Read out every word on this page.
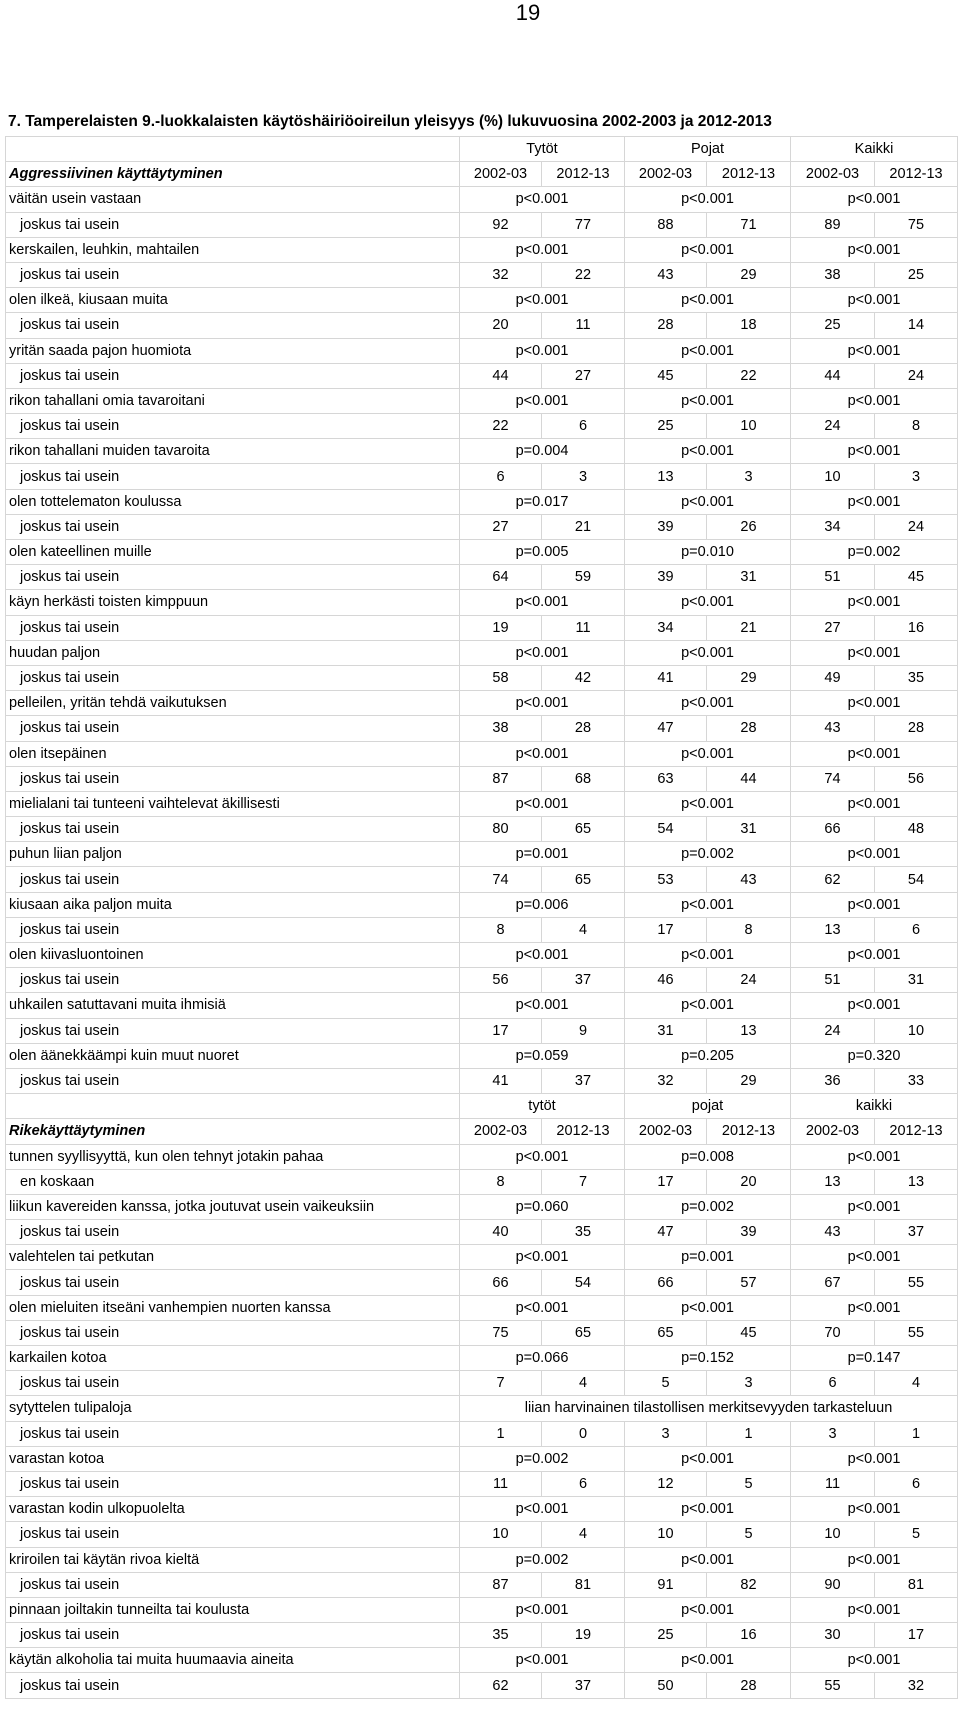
19
7. Tamperelaisten 9.-luokkalaisten käytöshäiriöoireilun yleisyys (%) lukuvuosina 2002-2003 ja 2012-2013
	Tytöt		Pojat		Kaikki	
Aggressiivinen käyttäytyminen	2002-03	2012-13	2002-03	2012-13	2002-03	2012-13
väitän usein vastaan	p<0.001		p<0.001		p<0.001	
joskus tai usein	92	77	88	71	89	75
kerskailen, leuhkin, mahtailen	p<0.001		p<0.001		p<0.001	
joskus tai usein	32	22	43	29	38	25
olen ilkeä, kiusaan muita	p<0.001		p<0.001		p<0.001	
joskus tai usein	20	11	28	18	25	14
yritän saada pajon huomiota	p<0.001		p<0.001		p<0.001	
joskus tai usein	44	27	45	22	44	24
rikon tahallani omia tavaroitani	p<0.001		p<0.001		p<0.001	
joskus tai usein	22	6	25	10	24	8
rikon tahallani muiden tavaroita	p=0.004		p<0.001		p<0.001	
joskus tai usein	6	3	13	3	10	3
olen tottelematon koulussa	p=0.017		p<0.001		p<0.001	
joskus tai usein	27	21	39	26	34	24
olen kateellinen muille	p=0.005		p=0.010		p=0.002	
joskus tai usein	64	59	39	31	51	45
käyn herkästi toisten kimppuun	p<0.001		p<0.001		p<0.001	
joskus tai usein	19	11	34	21	27	16
huudan paljon	p<0.001		p<0.001		p<0.001	
joskus tai usein	58	42	41	29	49	35
pelleilen, yritän tehdä vaikutuksen	p<0.001		p<0.001		p<0.001	
joskus tai usein	38	28	47	28	43	28
olen itsepäinen	p<0.001		p<0.001		p<0.001	
joskus tai usein	87	68	63	44	74	56
mielialani tai tunteeni vaihtelevat äkillisesti	p<0.001		p<0.001		p<0.001	
joskus tai usein	80	65	54	31	66	48
puhun liian paljon	p=0.001		p=0.002		p<0.001	
joskus tai usein	74	65	53	43	62	54
kiusaan aika paljon muita	p=0.006		p<0.001		p<0.001	
joskus tai usein	8	4	17	8	13	6
olen kiivasluontoinen	p<0.001		p<0.001		p<0.001	
joskus tai usein	56	37	46	24	51	31
uhkailen satuttavani muita ihmisiä	p<0.001		p<0.001		p<0.001	
joskus tai usein	17	9	31	13	24	10
olen äänekkäämpi kuin muut nuoret	p=0.059		p=0.205		p=0.320	
joskus tai usein	41	37	32	29	36	33
	tytöt		pojat		kaikki	
Rikekäyttäytyminen	2002-03	2012-13	2002-03	2012-13	2002-03	2012-13
tunnen syyllisyyttä, kun olen tehnyt jotakin pahaa	p<0.001		p=0.008		p<0.001	
en koskaan	8	7	17	20	13	13
liikun kavereiden kanssa, jotka joutuvat usein vaikeuksiin	p=0.060		p=0.002		p<0.001	
joskus tai usein	40	35	47	39	43	37
valehtelen tai petkutan	p<0.001		p=0.001		p<0.001	
joskus tai usein	66	54	66	57	67	55
olen mieluiten itseäni vanhempien nuorten kanssa	p<0.001		p<0.001		p<0.001	
joskus tai usein	75	65	65	45	70	55
karkailen kotoa	p=0.066		p=0.152		p=0.147	
joskus tai usein	7	4	5	3	6	4
sytyttelen tulipaloja	liian harvinainen tilastollisen merkitsevyyden tarkasteluun					
joskus tai usein	1	0	3	1	3	1
varastan kotoa	p=0.002		p<0.001		p<0.001	
joskus tai usein	11	6	12	5	11	6
varastan kodin ulkopuolelta	p<0.001		p<0.001		p<0.001	
joskus tai usein	10	4	10	5	10	5
kriroilen tai käytän rivoa kieltä	p=0.002		p<0.001		p<0.001	
joskus tai usein	87	81	91	82	90	81
pinnaan joiltakin tunneilta tai koulusta	p<0.001		p<0.001		p<0.001	
joskus tai usein	35	19	25	16	30	17
käytän alkoholia tai muita huumaavia aineita	p<0.001		p<0.001		p<0.001	
joskus tai usein	62	37	50	28	55	32
